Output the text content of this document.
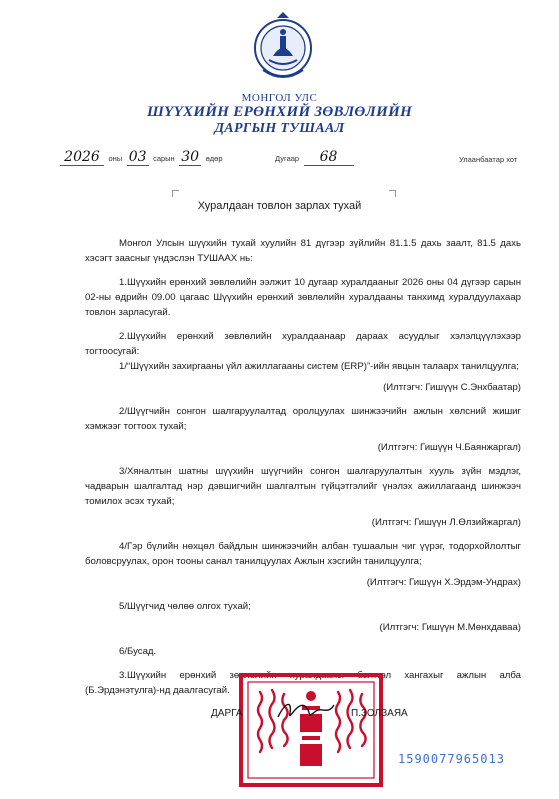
МОНГОЛ УЛС
ШҮҮХИЙН ЕРӨНХИЙ ЗӨВЛӨЛИЙН
ДАРГЫН ТУШААЛ
2026 оны 03 сарын 30 өдөр	Дугаар 68	Улаанбаатар хот
Хуралдаан товлон зарлах тухай

Монгол Улсын шүүхийн тухай хуулийн 81 дүгээр зүйлийн 81.1.5 дахь заалт, 81.5 дахь хэсэгт заасныг үндэслэн ТУШААХ нь:

1.Шүүхийн ерөнхий зөвлөлийн ээлжит 10 дугаар хуралдааныг 2026 оны 04 дүгээр сарын 02-ны өдрийн 09.00 цагаас Шүүхийн ерөнхий зөвлөлийн хуралдааны танхимд хуралдуулахаар товлон зарласугай.

2.Шүүхийн ерөнхий зөвлөлийн хуралдаанаар дараах асуудлыг хэлэлцүүлэхээр тогтоосугай:

1/“Шүүхийн захиргааны үйл ажиллагааны систем (ERP)”-ийн явцын талаарх танилцуулга;

(Илтгэгч: Гишүүн С.Энхбаатар)

2/Шүүгчийн сонгон шалгаруулалтад оролцуулах шинжээчийн ажлын хөлсний жишиг хэмжээг тогтоох тухай;

(Илтгэгч: Гишүүн Ч.Баянжаргал)

3/Хяналтын шатны шүүхийн шүүгчийн сонгон шалгаруулалтын хууль зүйн мэдлэг, чадварын шалгалтад нэр дэвшигчийн шалгалтын гүйцэтгэлийг үнэлэх ажиллагаанд шинжээч томилох эсэх тухай;

(Илтгэгч: Гишүүн Л.Өлзийжаргал)

4/Гэр бүлийн нөхцөл байдлын шинжээчийн албан тушаалын чиг үүрэг, тодорхойлолтыг боловсруулах, орон тооны санал танилцуулах Ажлын хэсгийн танилцуулга;

(Илтгэгч: Гишүүн Х.Эрдэм-Ундрах)

5/Шүүгчид чөлөө олгох тухай;

(Илтгэгч: Гишүүн М.Мөнхдаваа)

6/Бусад.

3.Шүүхийн ерөнхий зөвлөлийн хуралдааны бэлтгэл хангахыг ажлын алба (Б.Эрдэнэтулга)-нд даалгасугай.

ДАРГА	П.ЗОЛЗАЯА
1590077965013
